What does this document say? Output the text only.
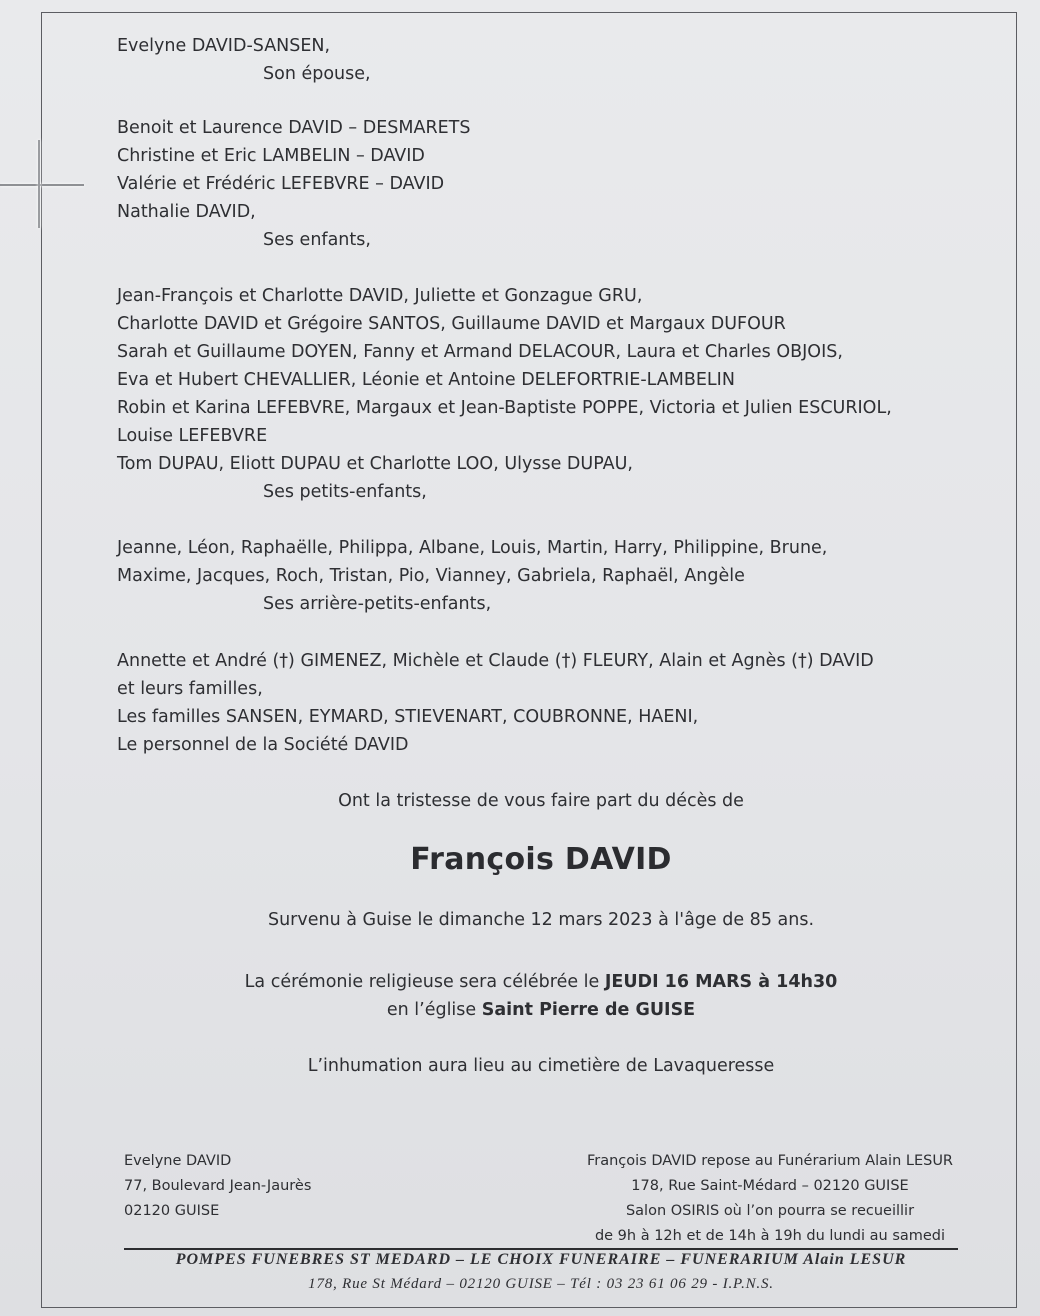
Evelyne DAVID-SANSEN,
Son épouse,
Benoit et Laurence DAVID – DESMARETS
Christine et Eric LAMBELIN – DAVID
Valérie et Frédéric LEFEBVRE – DAVID
Nathalie DAVID,
Ses enfants,
Jean-François et Charlotte DAVID, Juliette et Gonzague GRU,
Charlotte DAVID et Grégoire SANTOS, Guillaume DAVID et Margaux DUFOUR
Sarah et Guillaume DOYEN, Fanny et Armand DELACOUR, Laura et Charles OBJOIS,
Eva et Hubert CHEVALLIER, Léonie et Antoine DELEFORTRIE-LAMBELIN
Robin et Karina LEFEBVRE, Margaux et Jean-Baptiste POPPE, Victoria et Julien ESCURIOL,
Louise LEFEBVRE
Tom DUPAU, Eliott DUPAU et Charlotte LOO, Ulysse DUPAU,
Ses petits-enfants,
Jeanne, Léon, Raphaëlle, Philippa, Albane, Louis, Martin, Harry, Philippine, Brune,
Maxime, Jacques, Roch, Tristan, Pio, Vianney, Gabriela, Raphaël, Angèle
Ses arrière-petits-enfants,
Annette et André (†) GIMENEZ, Michèle et Claude (†) FLEURY, Alain et Agnès (†) DAVID
et leurs familles,
Les familles SANSEN, EYMARD, STIEVENART, COUBRONNE, HAENI,
Le personnel de la Société DAVID
Ont la tristesse de vous faire part du décès de
François DAVID
Survenu à Guise le dimanche 12 mars 2023 à l'âge de 85 ans.
La cérémonie religieuse sera célébrée le JEUDI 16 MARS à 14h30
en l’église Saint Pierre de GUISE
L’inhumation aura lieu au cimetière de Lavaqueresse
Evelyne DAVID
77, Boulevard Jean-Jaurès
02120 GUISE
François DAVID repose au Funérarium Alain LESUR
178, Rue Saint-Médard – 02120 GUISE
Salon OSIRIS où l’on pourra se recueillir
de 9h à 12h et de 14h à 19h du lundi au samedi
POMPES FUNEBRES ST MEDARD – LE CHOIX FUNERAIRE – FUNERARIUM Alain LESUR
178, Rue St Médard – 02120 GUISE – Tél : 03 23 61 06 29 - I.P.N.S.
